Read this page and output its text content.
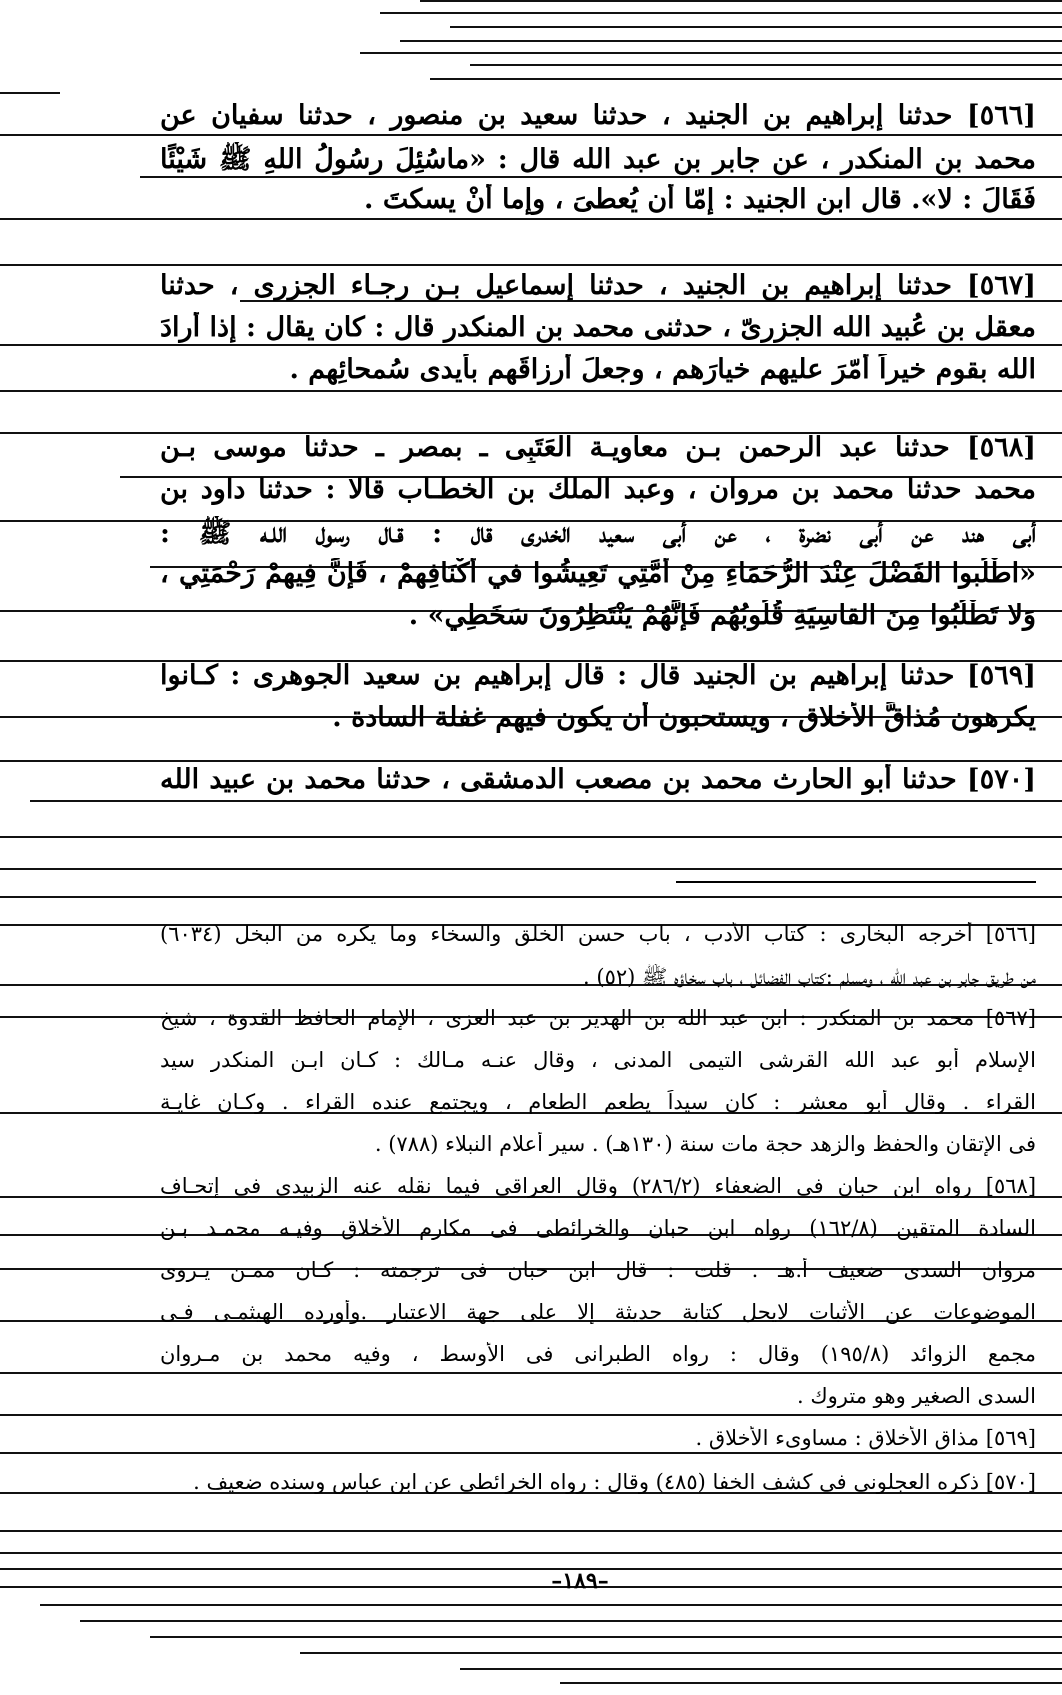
[٥٦٦] حدثنا إبراهيم بن الجنيد ، حدثنا سعيد بن منصور ، حدثنا سفيان عن
محمد بن المنكدر ، عن جابر بن عبد الله قال : «ماسُئِلَ رسُولُ اللهِ ﷺ شَيْئًا
فَقَالَ : لا». قال ابن الجنيد : إمّا أن يُعطىَ ، وإما أنْ يسكتَ .
[٥٦٧] حدثنا إبراهيم بن الجنيد ، حدثنا إسماعيل بـن رجـاء الجزرى ، حدثنا
معقل بن عُبيد الله الجزرىّ ، حدثنى محمد بن المنكدر قال : كان يقال : إذا أرادَ
الله بقومٍ خيراً أمّرَ عليهم خيارَهم ، وجعلَ أرزاقَهم بأيدى سُمحائِهم .
[٥٦٨] حدثنا عبد الرحمن بـن معاويـة العَتَبِى ـ بمصر ـ حدثنا موسى بـن
محمد حدثنا محمد بن مروان ، وعبد الملك بن الخطـاب قالا : حدثنا داود بن
أبى هند عن أبى نضرة ، عن أبى سعيد الخدرى قال : قـال رسول اللـه ﷺ :
«اطْلُبوا الفَضْلَ عِنْدَ الرُّحَمَاءِ مِنْ أُمَّتِي تَعِيشُوا في أكْنَافِهِمْ ، فَإنَّ فِيهِمْ رَحْمَتِي ،
وَلا تَطْلُبُوا مِنَ القاسِيَةِ قُلُوبُهُم فَإنَّهُمْ يَنْتَظِرُونَ سَخَطِي» .
[٥٦٩] حدثنا إبراهيم بن الجنيد قال : قال إبراهيم بن سعيد الجوهرى : كـانوا
يكرهون مُذاقَّ الأخلاق ، ويستحبون أن يكون فيهم غفلة السادة .
[٥٧٠] حدثنا أبو الحارث محمد بن مصعب الدمشقى ، حدثنا محمد بن عبيد الله
[٥٦٦] أخرجه البخارى : كتاب الأدب ، باب حسن الخلق والسخاء وما يكره من البخل (٦٠٣٤)
من طريق جابر بن عبد الله ، ومسلم :كتاب الفضائل ، باب سخاؤه ﷺ (٥٢) .
[٥٦٧] محمد بن المنكدر : ابن عبد الله بن الهدير بن عبد العزى ، الإمام الحافظ القدوة ، شيخ
الإسلام أبو عبد الله القرشى التيمى المدنى ، وقال عنـه مـالك : كـان ابـن المنكدر سيد
القراء . وقال أبو معشر : كان سيداً يطعم الطعام ، ويجتمع عنده القراء . وكـان غايـة
فى الإتقان والحفظ والزهد حجة مات سنة (١٣٠هـ) . سير أعلام النبلاء (٧٨٨) .
[٥٦٨] رواه ابن حبان فى الضعفاء (٢٨٦/٢) وقال العراقى فيما نقله عنه الزبيدى فى إتحـاف
السادة المتقين (١٦٢/٨) رواه ابن حبان والخرائطى فى مكارم الأخلاق وفيـه محمـد بـن
مروان السدى ضعيف أ.هـ . قلت : قال ابن حبان فى ترجمته : كـان ممـن يـروى
الموضوعات عن الأثبات لايحل كتابة حديثة إلا على جهة الاعتبار .وأورده الهيثمـى فـى
مجمع الزوائد (١٩٥/٨) وقال : رواه الطبرانى فى الأوسط ، وفيه محمد بن مـروان
السدى الصغير وهو متروك .
[٥٦٩] مذاق الأخلاق : مساوىء الأخلاق .
[٥٧٠] ذكره العجلونى فى كشف الخفا (٤٨٥) وقال : رواه الخرائطى عن ابن عباس وسنده ضعيف .
–١٨٩–
